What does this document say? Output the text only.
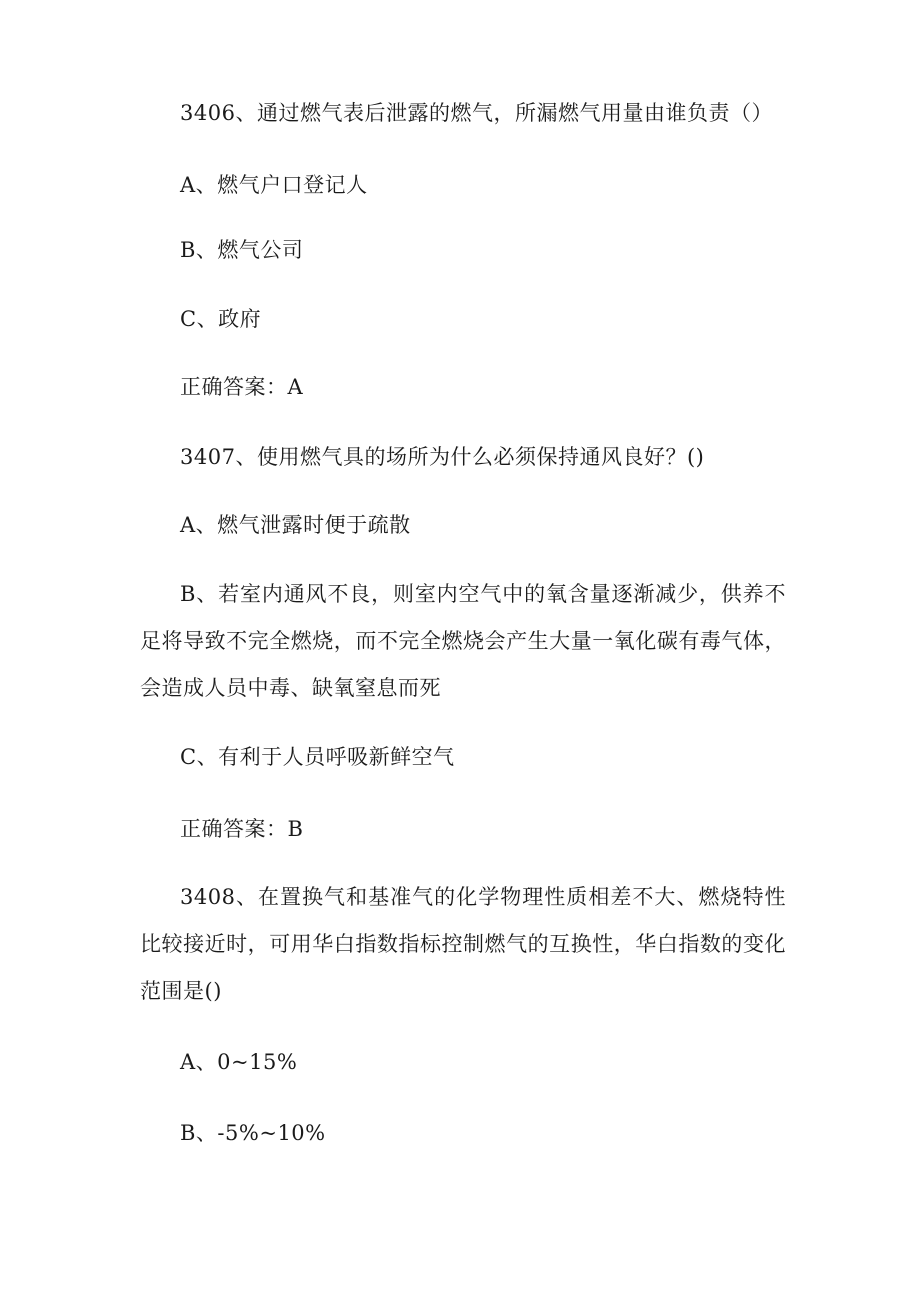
3406、通过燃气表后泄露的燃气，所漏燃气用量由谁负责（）
A、燃气户口登记人
B、燃气公司
C、政府
正确答案：A
3407、使用燃气具的场所为什么必须保持通风良好？()
A、燃气泄露时便于疏散
B、若室内通风不良，则室内空气中的氧含量逐渐减少，供养不足将导致不完全燃烧，而不完全燃烧会产生大量一氧化碳有毒气体，会造成人员中毒、缺氧窒息而死
C、有利于人员呼吸新鲜空气
正确答案：B
3408、在置换气和基准气的化学物理性质相差不大、燃烧特性比较接近时，可用华白指数指标控制燃气的互换性，华白指数的变化范围是()
A、0~15%
B、-5%~10%
